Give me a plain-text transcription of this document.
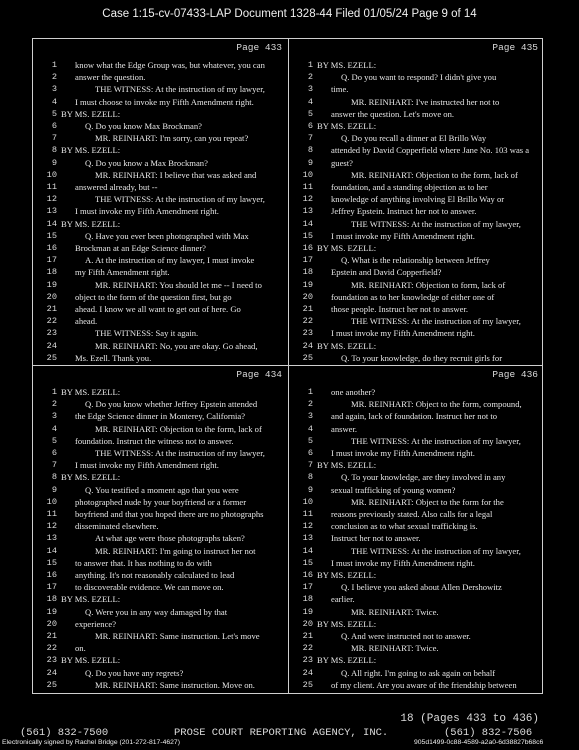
Case 1:15-cv-07433-LAP Document 1328-44 Filed 01/05/24 Page 9 of 14
Page 433
1 know what the Edge Group was, but whatever, you can
2 answer the question.
3	THE WITNESS: At the instruction of my lawyer,
4 I must choose to invoke my Fifth Amendment right.
5 BY MS. EZELL:
6	Q. Do you know Max Brockman?
7	MR. REINHART: I'm sorry, can you repeat?
8 BY MS. EZELL:
9	Q. Do you know a Max Brockman?
10	MR. REINHART: I believe that was asked and
11 answered already, but --
12	THE WITNESS: At the instruction of my lawyer,
13 I must invoke my Fifth Amendment right.
14 BY MS. EZELL:
15	Q. Have you ever been photographed with Max
16 Brockman at an Edge Science dinner?
17	A. At the instruction of my lawyer, I must invoke
18 my Fifth Amendment right.
19	MR. REINHART: You should let me -- I need to
20 object to the form of the question first, but go
21 ahead. I know we all want to get out of here. Go
22 ahead.
23	THE WITNESS: Say it again.
24	MR. REINHART: No, you are okay. Go ahead,
25 Ms. Ezell. Thank you.
Page 435
1 BY MS. EZELL:
2	Q. Do you want to respond? I didn't give you
3 time.
4	MR. REINHART: I've instructed her not to
5 answer the question. Let's move on.
6 BY MS. EZELL:
7	Q. Do you recall a dinner at El Brillo Way
8 attended by David Copperfield where Jane No. 103 was a
9 guest?
10	MR. REINHART: Objection to the form, lack of
11 foundation, and a standing objection as to her
12 knowledge of anything involving El Brillo Way or
13 Jeffrey Epstein. Instruct her not to answer.
14	THE WITNESS: At the instruction of my lawyer,
15 I must invoke my Fifth Amendment right.
16 BY MS. EZELL:
17	Q. What is the relationship between Jeffrey
18 Epstein and David Copperfield?
19	MR. REINHART: Objection to form, lack of
20 foundation as to her knowledge of either one of
21 those people. Instruct her not to answer.
22	THE WITNESS: At the instruction of my lawyer,
23 I must invoke my Fifth Amendment right.
24 BY MS. EZELL:
25	Q. To your knowledge, do they recruit girls for
Page 434
1 BY MS. EZELL:
2	Q. Do you know whether Jeffrey Epstein attended
3 the Edge Science dinner in Monterey, California?
4	MR. REINHART: Objection to the form, lack of
5 foundation. Instruct the witness not to answer.
6	THE WITNESS: At the instruction of my lawyer,
7 I must invoke my Fifth Amendment right.
8 BY MS. EZELL:
9	Q. You testified a moment ago that you were
10 photographed nude by your boyfriend or a former
11 boyfriend and that you hoped there are no photographs
12 disseminated elsewhere.
13	At what age were those photographs taken?
14	MR. REINHART: I'm going to instruct her not
15 to answer that. It has nothing to do with
16 anything. It's not reasonably calculated to lead
17 to discoverable evidence. We can move on.
18 BY MS. EZELL:
19	Q. Were you in any way damaged by that
20 experience?
21	MR. REINHART: Same instruction. Let's move
22 on.
23 BY MS. EZELL:
24	Q. Do you have any regrets?
25	MR. REINHART: Same instruction. Move on.
Page 436
1 one another?
2	MR. REINHART: Object to the form, compound,
3 and again, lack of foundation. Instruct her not to
4 answer.
5	THE WITNESS: At the instruction of my lawyer,
6 I must invoke my Fifth Amendment right.
7 BY MS. EZELL:
8	Q. To your knowledge, are they involved in any
9 sexual trafficking of young women?
10	MR. REINHART: Object to the form for the
11 reasons previously stated. Also calls for a legal
12 conclusion as to what sexual trafficking is.
13 Instruct her not to answer.
14	THE WITNESS: At the instruction of my lawyer,
15 I must invoke my Fifth Amendment right.
16 BY MS. EZELL:
17	Q. I believe you asked about Allen Dershowitz
18 earlier.
19	MR. REINHART: Twice.
20 BY MS. EZELL:
21	Q. And were instructed not to answer.
22	MR. REINHART: Twice.
23 BY MS. EZELL:
24	Q. All right. I'm going to ask again on behalf
25 of my client. Are you aware of the friendship between
18 (Pages 433 to 436)
(561) 832-7500	PROSE COURT REPORTING AGENCY, INC.	(561) 832-7506
Electronically signed by Rachel Bridge (201-272-817-4627)	905d1499-0c88-4589-a2a0-6d38827b68c6
